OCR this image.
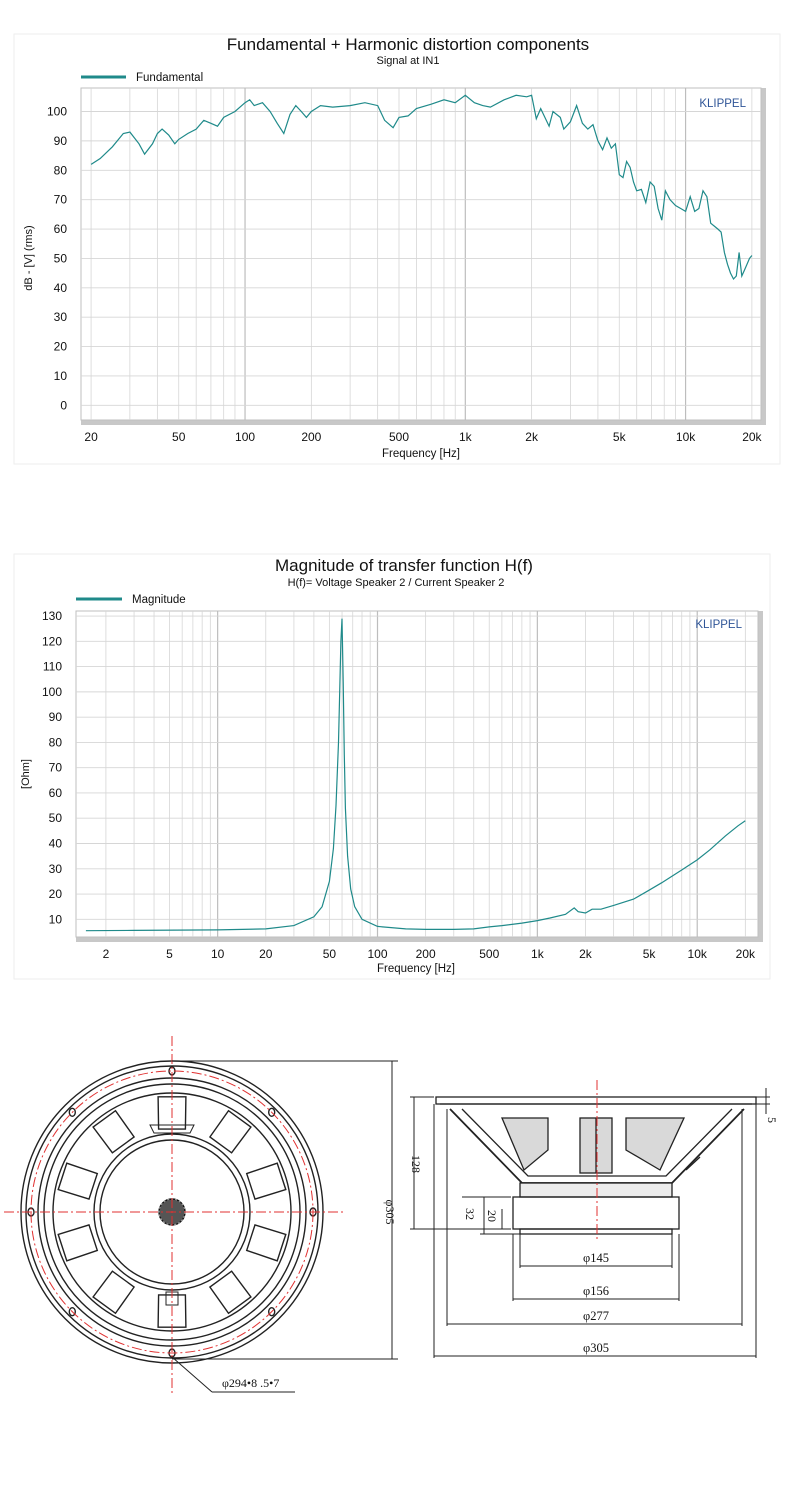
Fundamental + Harmonic distortion components
Signal at IN1
Fundamental
0
10
20
30
40
50
60
70
80
90
100
20	50	100	200	500	1k	2k	5k	10k	20k
dB - [V] (rms)
Frequency [Hz]
KLIPPEL
Magnitude of transfer function H(f)
H(f)= Voltage Speaker 2 / Current Speaker 2
Magnitude
10
20
30
40
50
60
70
80
90
100
110
120
130
2	5	10	20	50	100 200	500	1k	2k	5k	10k 20k
[Ohm]
Frequency [Hz]
KLIPPEL
φ305
φ294•8 .5•7
128
5
32 20
φ145
φ156
φ277
φ305
